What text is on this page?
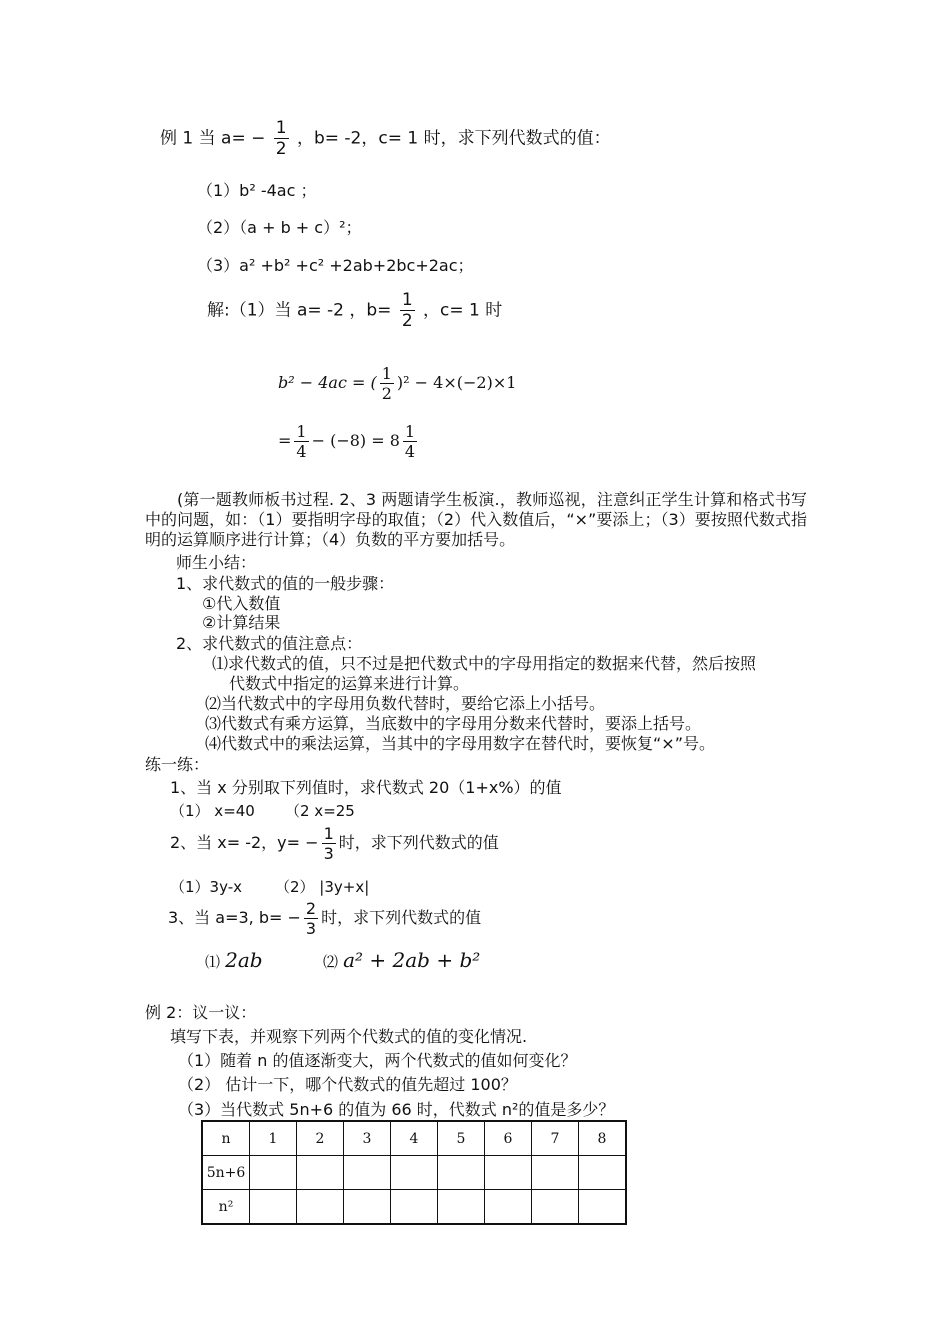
例 1 当 $a= - \frac{1}{2}$ ，b= -2，c= 1 时，求下列代数式的值：
（1）b² -4ac ；
（2）（a + b + c）²；
（3）a² +b² +c² +2ab+2bc+2ac；
解:（1）当 a= -2 ，$b= \frac{1}{2}$ ，c= 1 时
b² − 4ac = ( $\frac{1}{2} )^2 - 4\times(-2)\times 1$
= $\frac{1}{4} - (-8) = 8 \frac{1}{4}$
(第一题教师板书过程. 2、3 两题请学生板演.，教师巡视，注意纠正学生计算和格式书写中的问题，如：（1）要指明字母的取值；（2）代入数值后，“×”要添上；（3）要按照代数式指明的运算顺序进行计算；（4）负数的平方要加括号。
师生小结：
1、求代数式的值的一般步骤：
①代入数值
②计算结果
2、求代数式的值注意点：
⑴求代数式的值，只不过是把代数式中的字母用指定的数据来代替，然后按照
代数式中指定的运算来进行计算。
⑵当代数式中的字母用负数代替时，要给它添上小括号。
⑶代数式有乘方运算，当底数中的字母用分数来代替时，要添上括号。
⑷代数式中的乘法运算，当其中的字母用数字在替代时，要恢复“×”号。
练一练：
1、当 x 分别取下列值时，求代数式 20（1+x%）的值
（1） x=40 （2 x=25
2、当 x= -2，$y= - \frac{1}{3}$ 时，求下列代数式的值
（1）3y-x （2） |3y+x|
3、当 a=3, $b= - \frac{2}{3}$ 时，求下列代数式的值
⑴ 2ab	⑵ a² + 2ab + b²
例 2：议一议：
填写下表，并观察下列两个代数式的值的变化情况.
（1）随着 n 的值逐渐变大，两个代数式的值如何变化？
（2） 估计一下，哪个代数式的值先超过 100？
（3）当代数式 5n+6 的值为 66 时，代数式 n²的值是多少？
n	1	2	3	4	5	6	7	8
5n+6								
n²								
